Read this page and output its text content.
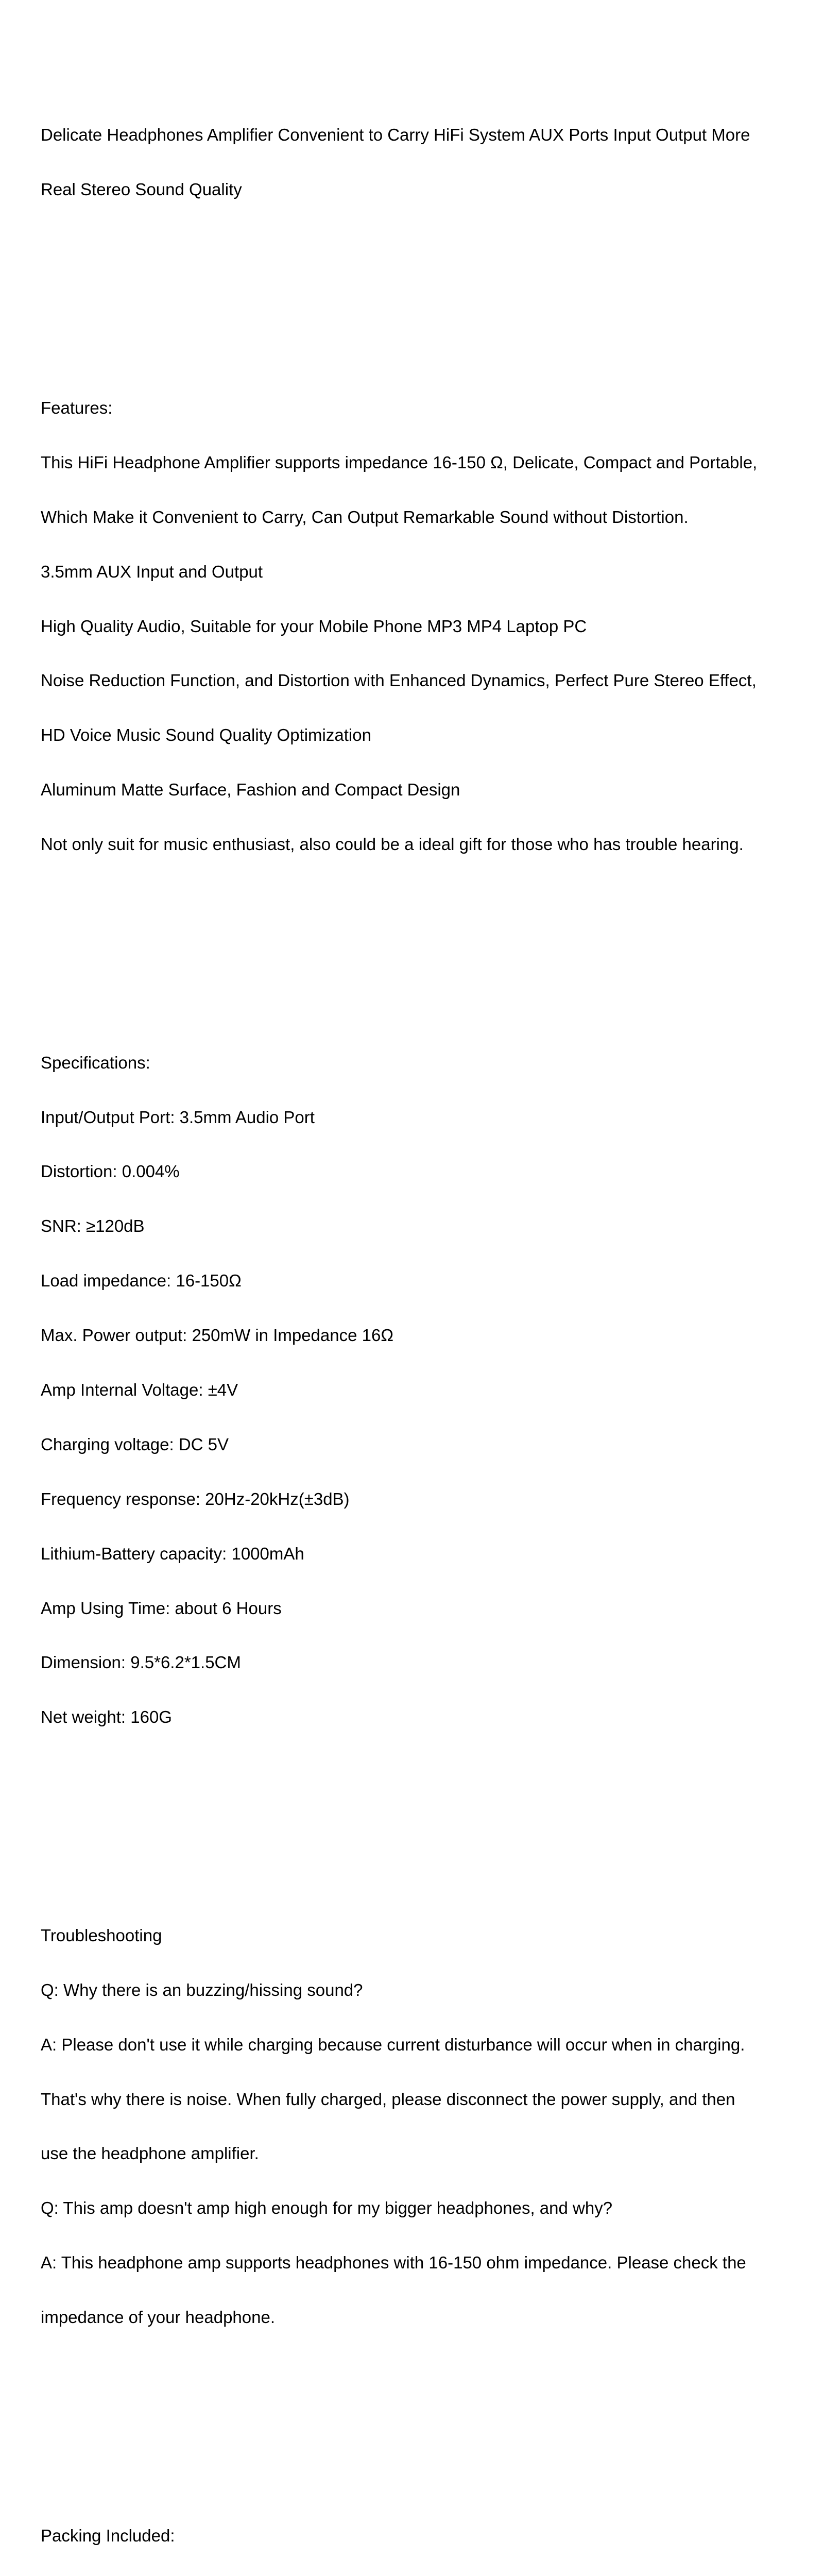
Delicate Headphones Amplifier Convenient to Carry HiFi System AUX Ports Input Output More

Real Stereo Sound Quality

Features:

This HiFi Headphone Amplifier supports impedance 16-150 Ω, Delicate, Compact and Portable,

Which Make it Convenient to Carry, Can Output Remarkable Sound without Distortion.

3.5mm AUX Input and Output

High Quality Audio, Suitable for your Mobile Phone MP3 MP4 Laptop PC

Noise Reduction Function, and Distortion with Enhanced Dynamics, Perfect Pure Stereo Effect,

HD Voice Music Sound Quality Optimization

Aluminum Matte Surface, Fashion and Compact Design

Not only suit for music enthusiast, also could be a ideal gift for those who has trouble hearing.

Specifications:

Input/Output Port: 3.5mm Audio Port

Distortion: 0.004%

SNR: ≥120dB

Load impedance: 16-150Ω

Max. Power output: 250mW in Impedance 16Ω

Amp Internal Voltage: ±4V

Charging voltage: DC 5V

Frequency response: 20Hz-20kHz(±3dB)

Lithium-Battery capacity: 1000mAh

Amp Using Time: about 6 Hours

Dimension: 9.5*6.2*1.5CM

Net weight: 160G

Troubleshooting

Q: Why there is an buzzing/hissing sound?

A: Please don't use it while charging because current disturbance will occur when in charging.

That's why there is noise. When fully charged, please disconnect the power supply, and then

use the headphone amplifier.

Q: This amp doesn't amp high enough for my bigger headphones, and why?

A: This headphone amp supports headphones with 16-150 ohm impedance. Please check the

impedance of your headphone.

Packing Included:
